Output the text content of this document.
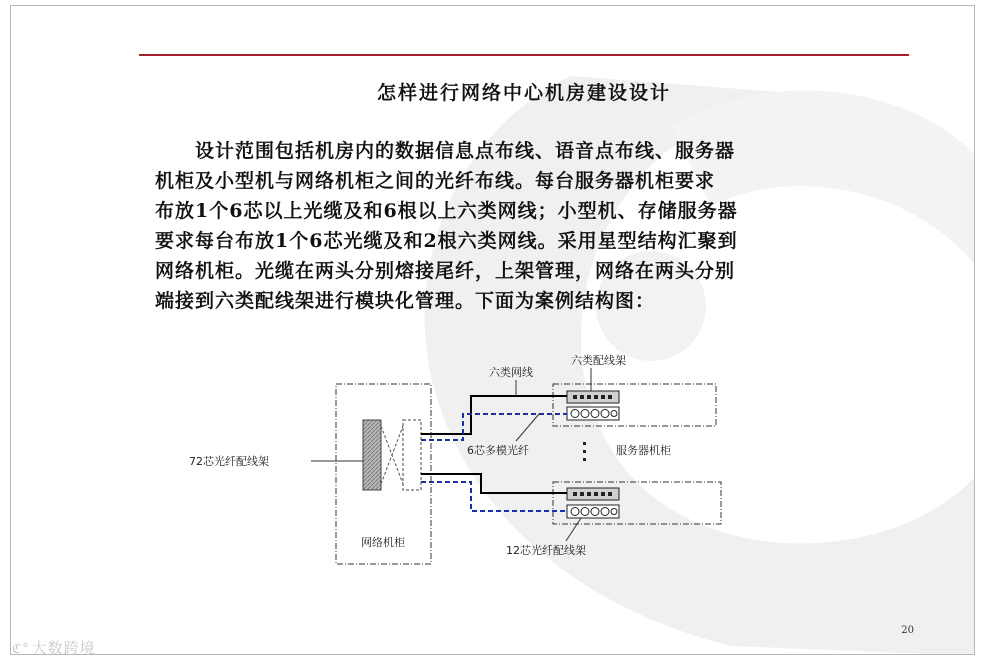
怎样进行网络中心机房建设设计
　　设计范围包括机房内的数据信息点布线、语音点布线、服务器
机柜及小型机与网络机柜之间的光纤布线。每台服务器机柜要求
布放1个6芯以上光缆及和6根以上六类网线；小型机、存储服务器
要求每台布放1个6芯光缆及和2根六类网线。采用星型结构汇聚到
网络机柜。光缆在两头分别熔接尾纤，上架管理，网络在两头分别
端接到六类配线架进行模块化管理。下面为案例结构图：
网络机柜
72芯光纤配线架
六类配线架
服务器机柜
六类网线
6芯多模光纤
12芯光纤配线架
20
ℭ° 大数跨境
